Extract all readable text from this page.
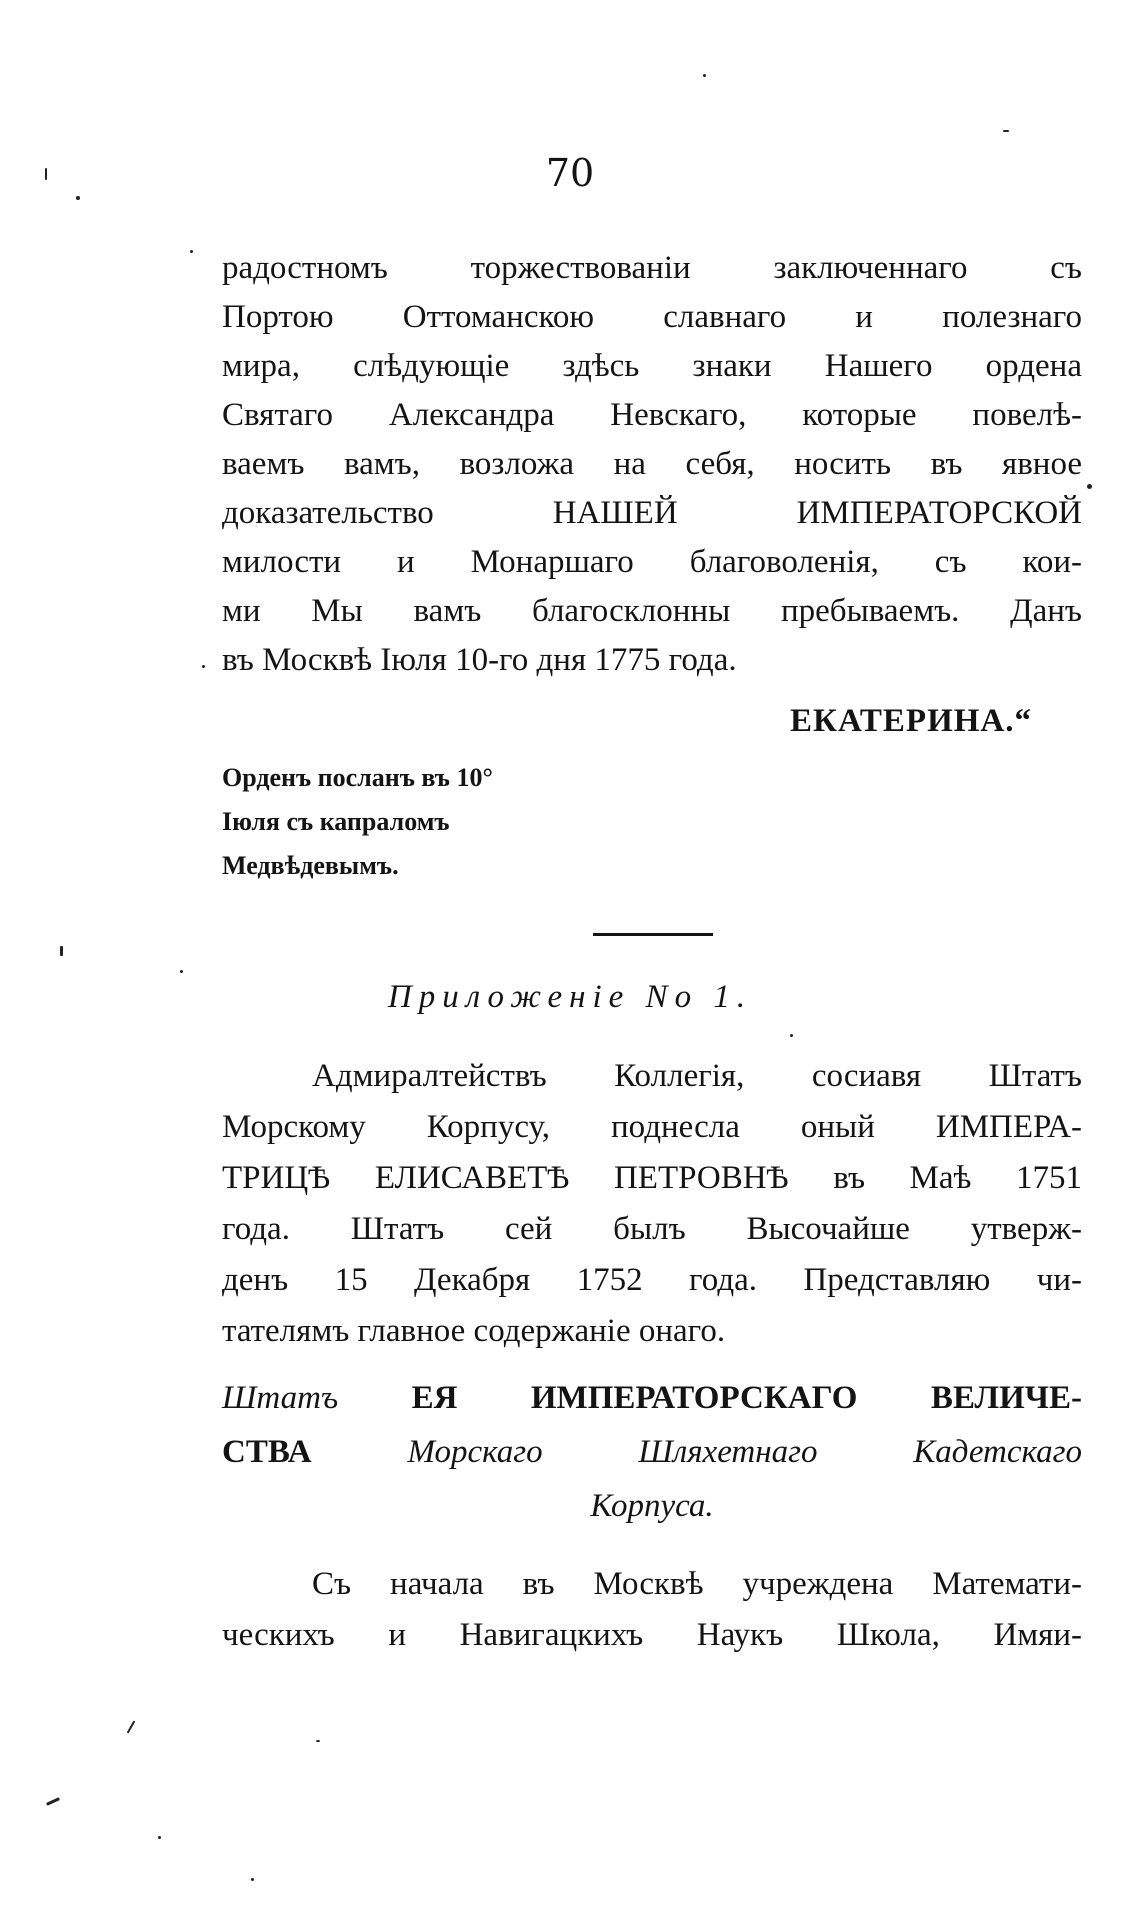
70
радостномъ торжествованіи заключеннаго съ
Портою Оттоманскою славнаго и полезнаго
мира, слѣдующіе здѣсь знаки Нашего ордена
Святаго Александра Невскаго, которые повелѣ-
ваемъ вамъ, возложа на себя, носить въ явное
доказательство НАШЕЙ ИМПЕРАТОРСКОЙ
милости и Монаршаго благоволенія, съ кои-
ми Мы вамъ благосклонны пребываемъ. Данъ
въ Москвѣ Іюля 10-го дня 1775 года.
ЕКАТЕРИНА.“
Орденъ посланъ въ 10°
Іюля съ капраломъ
Медвѣдевымъ.
Приложеніе No 1.
Адмиралтействъ Коллегія, сосиавя Штатъ
Морскому Корпусу, поднесла оный ИМПЕРА-
ТРИЦѢ ЕЛИСАВЕТѢ ПЕТРОВНѢ въ Маѣ 1751
года. Штатъ сей былъ Высочайше утверж-
денъ 15 Декабря 1752 года. Представляю чи-
тателямъ главное содержаніе онаго.
Штатъ ЕЯ ИМПЕРАТОРСКАГО ВЕЛИЧЕ-
СТВА	Морскаго Шляхетнаго Кадетскаго
Корпуса.
Съ начала въ Москвѣ учреждена Математи-
ческихъ и Навигацкихъ Наукъ Школа, Имяи-
